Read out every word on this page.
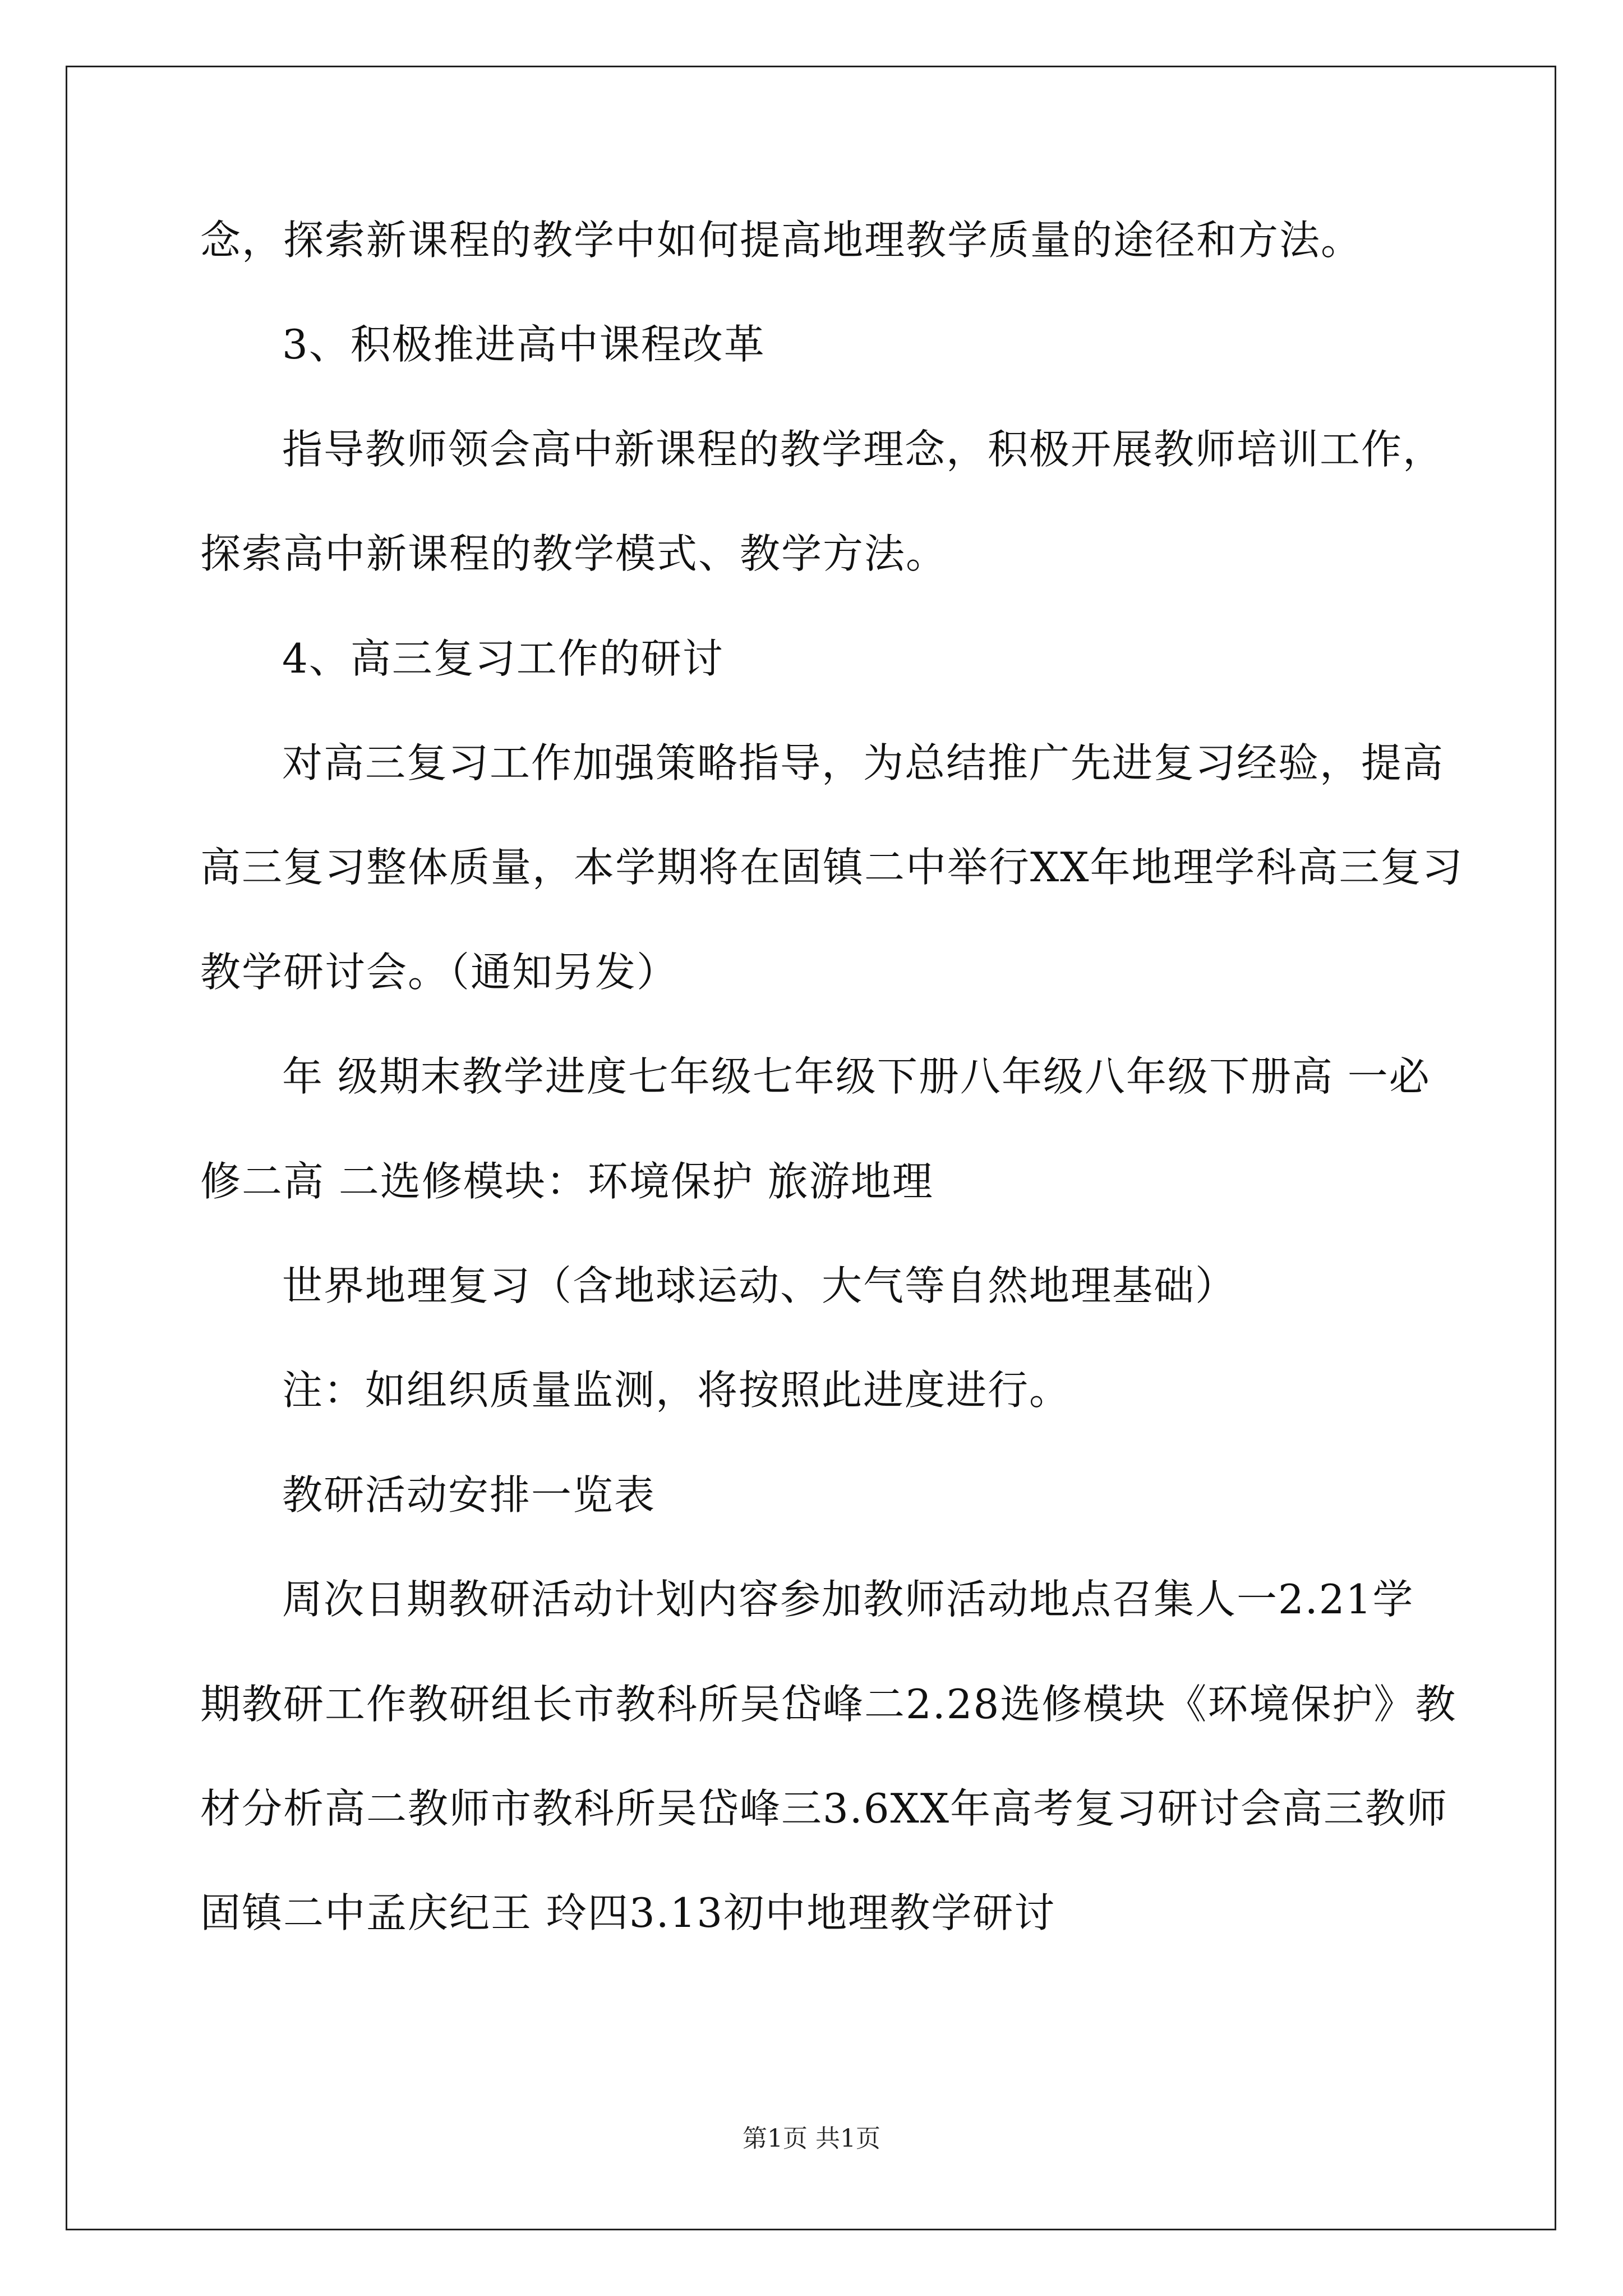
念，探索新课程的教学中如何提高地理教学质量的途径和方法。
3、积极推进高中课程改革
指导教师领会高中新课程的教学理念，积极开展教师培训工作，
探索高中新课程的教学模式、教学方法。
4、高三复习工作的研讨
对高三复习工作加强策略指导，为总结推广先进复习经验，提高
高三复习整体质量，本学期将在固镇二中举行XX年地理学科高三复习
教学研讨会。（通知另发）
年 级期末教学进度七年级七年级下册八年级八年级下册高 一必
修二高 二选修模块：环境保护 旅游地理
世界地理复习（含地球运动、大气等自然地理基础）
注：如组织质量监测，将按照此进度进行。
教研活动安排一览表
周次日期教研活动计划内容参加教师活动地点召集人一2.21学
期教研工作教研组长市教科所吴岱峰二2.28选修模块《环境保护》教
材分析高二教师市教科所吴岱峰三3.6XX年高考复习研讨会高三教师
固镇二中孟庆纪王 玲四3.13初中地理教学研讨
第1页 共1页
